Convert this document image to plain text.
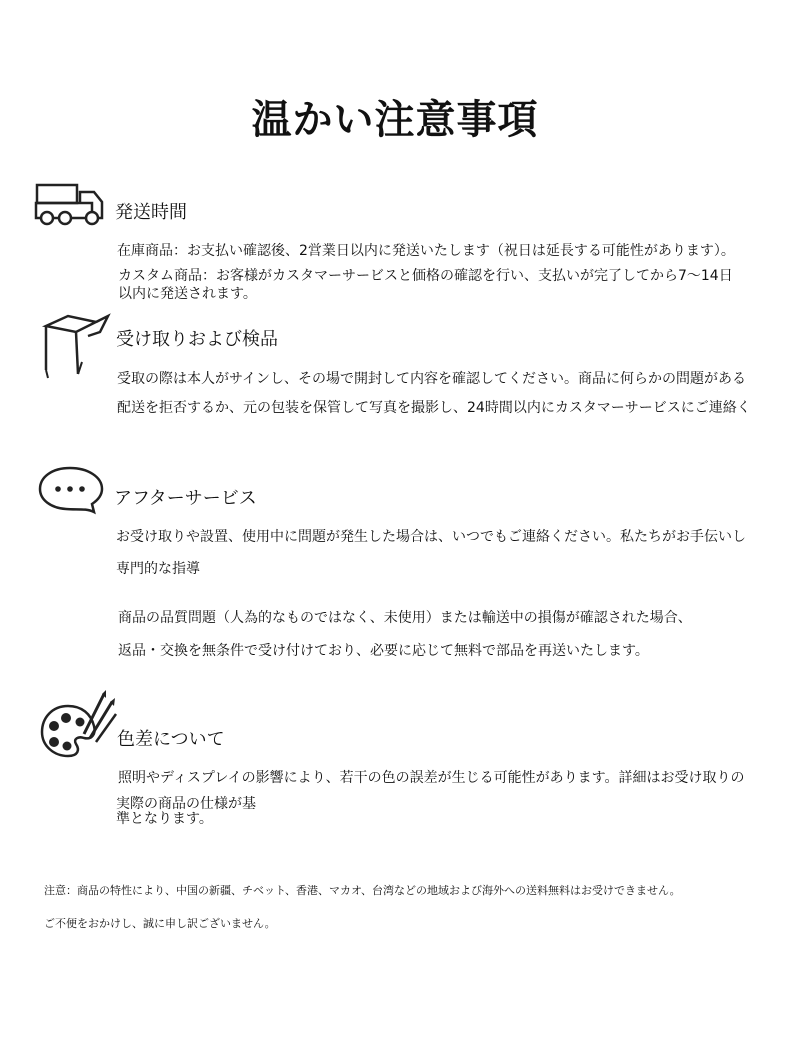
温かい注意事項
発送時間
在庫商品：お支払い確認後、2営業日以内に発送いたします（祝日は延長する可能性があります）。
カスタム商品：お客様がカスタマーサービスと価格の確認を行い、支払いが完了してから7〜14日
以内に発送されます。
受け取りおよび検品
受取の際は本人がサインし、その場で開封して内容を確認してください。商品に何らかの問題がある
配送を拒否するか、元の包装を保管して写真を撮影し、24時間以内にカスタマーサービスにご連絡く
アフターサービス
お受け取りや設置、使用中に問題が発生した場合は、いつでもご連絡ください。私たちがお手伝いし
専門的な指導
商品の品質問題（人為的なものではなく、未使用）または輸送中の損傷が確認された場合、
返品・交換を無条件で受け付けており、必要に応じて無料で部品を再送いたします。
色差について
照明やディスプレイの影響により、若干の色の誤差が生じる可能性があります。詳細はお受け取りの
実際の商品の仕様が基
準となります。
注意：商品の特性により、中国の新疆、チベット、香港、マカオ、台湾などの地域および海外への送料無料はお受けできません。
ご不便をおかけし、誠に申し訳ございません。
